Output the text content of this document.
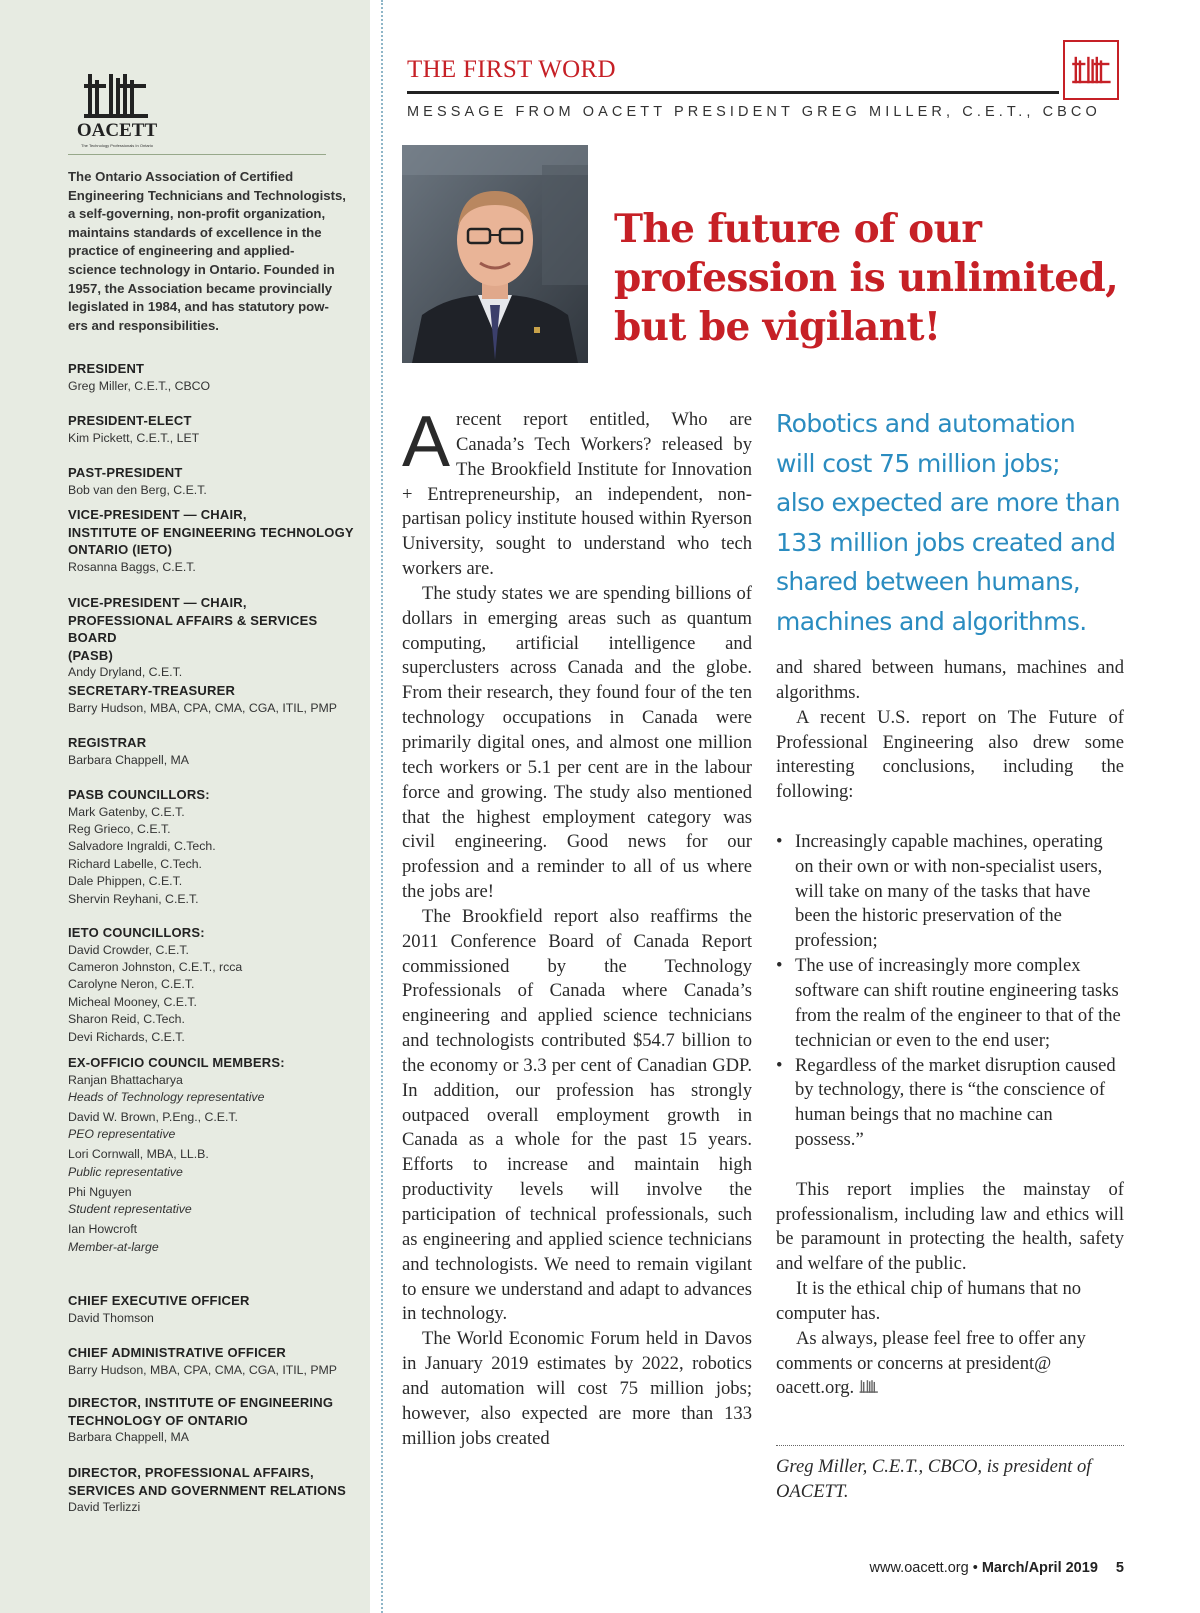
OACETT
The Technology Professionals In Ontario
The Ontario Association of Certified
Engineering Technicians and Technologists,
a self-governing, non-profit organization,
maintains standards of excellence in the
practice of engineering and applied-
science technology in Ontario. Founded in
1957, the Association became provincially
legislated in 1984, and has statutory pow-
ers and responsibilities.
PRESIDENT
Greg Miller, C.E.T., CBCO
PRESIDENT-ELECT
Kim Pickett, C.E.T., LET
PAST-PRESIDENT
Bob van den Berg, C.E.T.
VICE-PRESIDENT — CHAIR,
INSTITUTE OF ENGINEERING TECHNOLOGY
ONTARIO (IETO)
Rosanna Baggs, C.E.T.
VICE-PRESIDENT — CHAIR,
PROFESSIONAL AFFAIRS & SERVICES BOARD
(PASB)
Andy Dryland, C.E.T.
SECRETARY-TREASURER
Barry Hudson, MBA, CPA, CMA, CGA, ITIL, PMP
REGISTRAR
Barbara Chappell, MA
PASB COUNCILLORS:
Mark Gatenby, C.E.T.
Reg Grieco, C.E.T.
Salvadore Ingraldi, C.Tech.
Richard Labelle, C.Tech.
Dale Phippen, C.E.T.
Shervin Reyhani, C.E.T.
IETO COUNCILLORS:
David Crowder, C.E.T.
Cameron Johnston, C.E.T., rcca
Carolyne Neron, C.E.T.
Micheal Mooney, C.E.T.
Sharon Reid, C.Tech.
Devi Richards, C.E.T.
EX-OFFICIO COUNCIL MEMBERS:
Ranjan Bhattacharya
Heads of Technology representative
David W. Brown, P.Eng., C.E.T.
PEO representative
Lori Cornwall, MBA, LL.B.
Public representative
Phi Nguyen
Student representative
Ian Howcroft
Member-at-large
CHIEF EXECUTIVE OFFICER
David Thomson
CHIEF ADMINISTRATIVE OFFICER
Barry Hudson, MBA, CPA, CMA, CGA, ITIL, PMP
DIRECTOR, INSTITUTE OF ENGINEERING
TECHNOLOGY OF ONTARIO
Barbara Chappell, MA
DIRECTOR, PROFESSIONAL AFFAIRS,
SERVICES AND GOVERNMENT RELATIONS
David Terlizzi
THE FIRST WORD
MESSAGE FROM OACETT PRESIDENT GREG MILLER, C.E.T., CBCO
The future of our
profession is unlimited,
but be vigilant!

Arecent report entitled, Who are Canada’s Tech Workers? released by The Brookfield Institute for Innovation + Entrepreneurship, an independent, non-partisan policy institute housed within Ryerson University, sought to understand who tech workers are.

The study states we are spending billions of dollars in emerging areas such as quantum computing, artificial intelligence and superclusters across Canada and the globe. From their research, they found four of the ten technology occupations in Canada were primarily digital ones, and almost one million tech workers or 5.1 per cent are in the labour force and growing. The study also mentioned that the highest employment category was civil engineering. Good news for our profession and a reminder to all of us where the jobs are!

The Brookfield report also reaffirms the 2011 Conference Board of Canada Report commissioned by the Technology Professionals of Canada where Canada’s engineering and applied science technicians and technologists contributed $54.7 billion to the economy or 3.3 per cent of Canadian GDP. In addition, our profession has strongly outpaced overall employment growth in Canada as a whole for the past 15 years. Efforts to increase and maintain high productivity levels will involve the participation of technical professionals, such as engineering and applied science technicians and technologists. We need to remain vigilant to ensure we understand and adapt to advances in technology.

The World Economic Forum held in Davos in January 2019 estimates by 2022, robotics and automation will cost 75 million jobs; however, also expected are more than 133 million jobs created

Robotics and automation
will cost 75 million jobs;
also expected are more than
133 million jobs created and
shared between humans,
machines and algorithms.

and shared between humans, machines and algorithms.

A recent U.S. report on The Future of Professional Engineering also drew some interesting conclusions, including the following:

• Increasingly capable machines, operating on their own or with non-specialist users, will take on many of the tasks that have been the historic preservation of the profession;
• The use of increasingly more complex software can shift routine engineering tasks from the realm of the engineer to that of the technician or even to the end user;
• Regardless of the market disruption caused by technology, there is “the conscience of human beings that no machine can possess.”

This report implies the mainstay of professionalism, including law and ethics will be paramount in protecting the health, safety and welfare of the public.

It is the ethical chip of humans that no computer has.

As always, please feel free to offer any comments or concerns at president@ oacett.org.

Greg Miller, C.E.T., CBCO, is president of OACETT.
www.oacett.org • March/April 2019 5
